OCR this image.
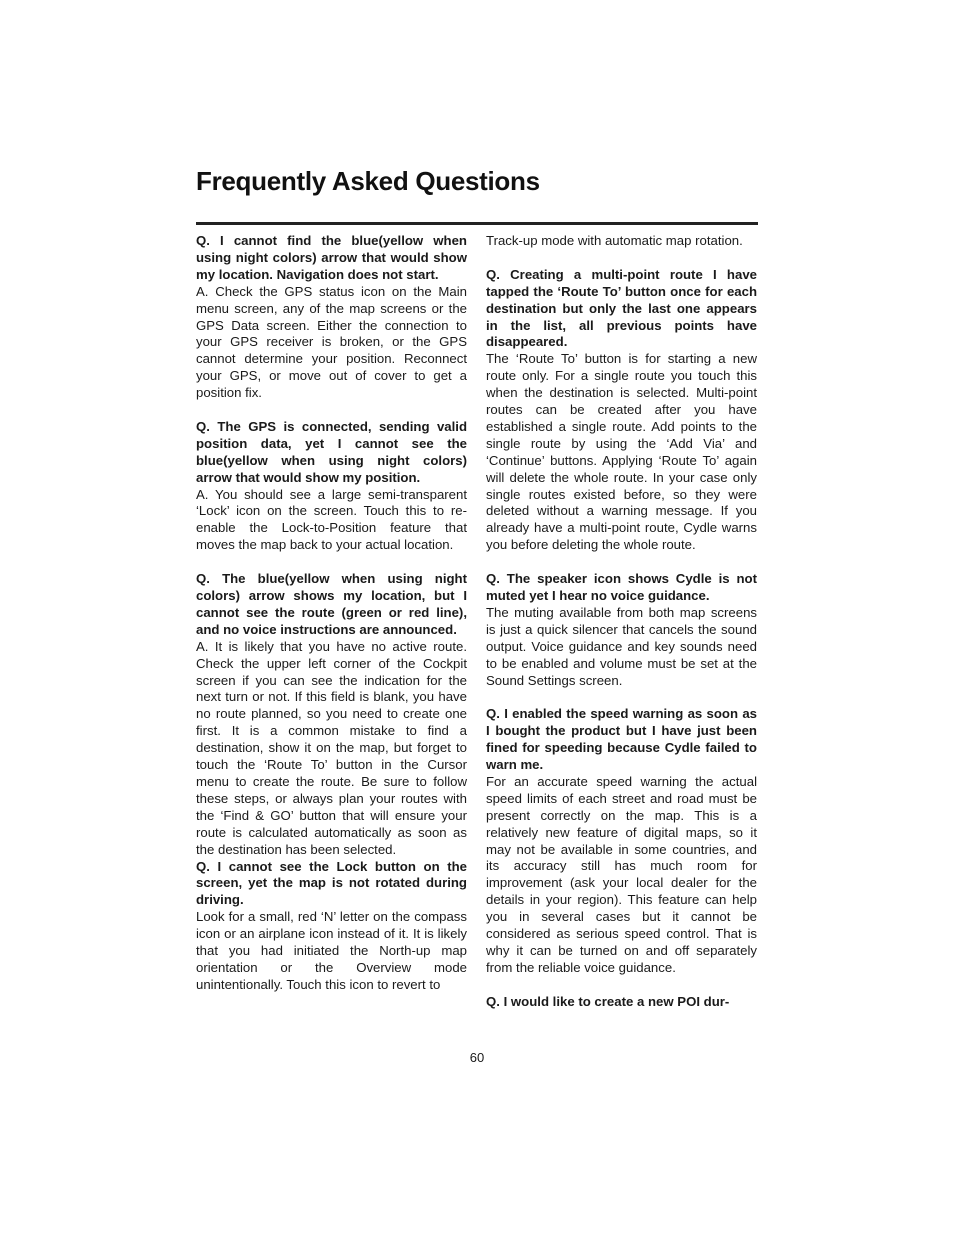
Frequently Asked Questions

Q. I cannot find the blue(yellow when using night colors) arrow that would show my location. Navigation does not start.

A. Check the GPS status icon on the Main menu screen, any of the map screens or the GPS Data screen. Either the connection to your GPS receiver is broken, or the GPS cannot determine your position. Reconnect your GPS, or move out of cover to get a position fix.

Q. The GPS is connected, sending valid position data, yet I cannot see the blue(yellow when using night colors) arrow that would show my position.

A. You should see a large semi-transparent ‘Lock’ icon on the screen. Touch this to re-enable the Lock-to-Position feature that moves the map back to your actual location.

Q. The blue(yellow when using night colors) arrow shows my location, but I cannot see the route (green or red line), and no voice instructions are announced.

A. It is likely that you have no active route. Check the upper left corner of the Cockpit screen if you can see the indication for the next turn or not. If this field is blank, you have no route planned, so you need to create one first. It is a common mistake to find a destination, show it on the map, but forget to touch the ‘Route To’ button in the Cursor menu to create the route. Be sure to follow these steps, or always plan your routes with the ‘Find & GO’ button that will ensure your route is calculated automatically as soon as the destination has been selected.

Q. I cannot see the Lock button on the screen, yet the map is not rotated during driving.

Look for a small, red ‘N’ letter on the compass icon or an airplane icon instead of it. It is likely that you had initiated the North-up map orientation or the Overview mode unintentionally. Touch this icon to revert to

Track-up mode with automatic map rotation.

Q. Creating a multi-point route I have tapped the ‘Route To’ button once for each destination but only the last one appears in the list, all previous points have disappeared.

The ‘Route To’ button is for starting a new route only. For a single route you touch this when the destination is selected. Multi-point routes can be created after you have established a single route. Add points to the single route by using the ‘Add Via’ and ‘Continue’ buttons. Applying ‘Route To’ again will delete the whole route. In your case only single routes existed before, so they were deleted without a warning message. If you already have a multi-point route, Cydle warns you before deleting the whole route.

Q. The speaker icon shows Cydle is not muted yet I hear no voice guidance.

The muting available from both map screens is just a quick silencer that cancels the sound output. Voice guidance and key sounds need to be enabled and volume must be set at the Sound Settings screen.

Q. I enabled the speed warning as soon as I bought the product but I have just been fined for speeding because Cydle failed to warn me.

For an accurate speed warning the actual speed limits of each street and road must be present correctly on the map. This is a relatively new feature of digital maps, so it may not be available in some countries, and its accuracy still has much room for improvement (ask your local dealer for the details in your region). This feature can help you in several cases but it cannot be considered as serious speed control. That is why it can be turned on and off separately from the reliable voice guidance.

Q. I would like to create a new POI dur-

60
